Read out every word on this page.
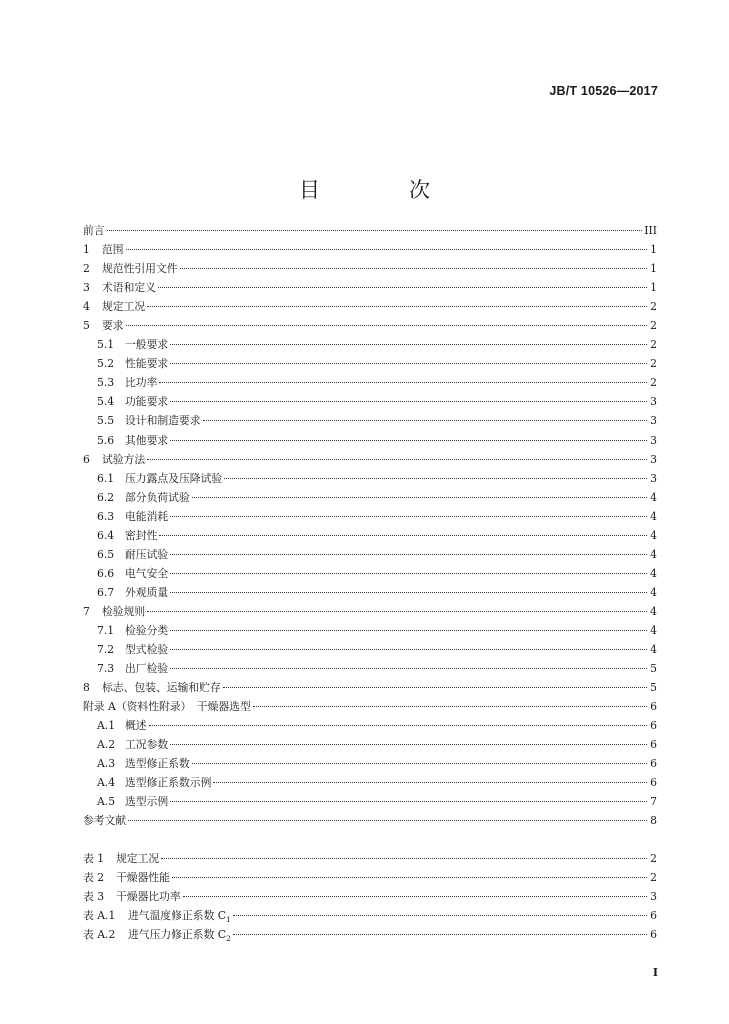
JB/T 10526—2017
目　次
前言	III
1	范围	1
2	规范性引用文件	1
3	术语和定义	1
4	规定工况	2
5	要求	2
5.1	一般要求	2
5.2	性能要求	2
5.3	比功率	2
5.4	功能要求	3
5.5	设计和制造要求	3
5.6	其他要求	3
6	试验方法	3
6.1	压力露点及压降试验	3
6.2	部分负荷试验	4
6.3	电能消耗	4
6.4	密封性	4
6.5	耐压试验	4
6.6	电气安全	4
6.7	外观质量	4
7	检验规则	4
7.1	检验分类	4
7.2	型式检验	4
7.3	出厂检验	5
8	标志、包装、运输和贮存	5
附录 A（资料性附录）　干燥器选型	6
A.1 概述	6
A.2 工况参数	6
A.3 选型修正系数	6
A.4 选型修正系数示例	6
A.5 选型示例	7
参考文献	8
表 1	规定工况	2
表 2	干燥器性能	2
表 3	干燥器比功率	3
表 A.1	进气温度修正系数 $C_1$	6
表 A.2	进气压力修正系数 $C_2$	6
I
